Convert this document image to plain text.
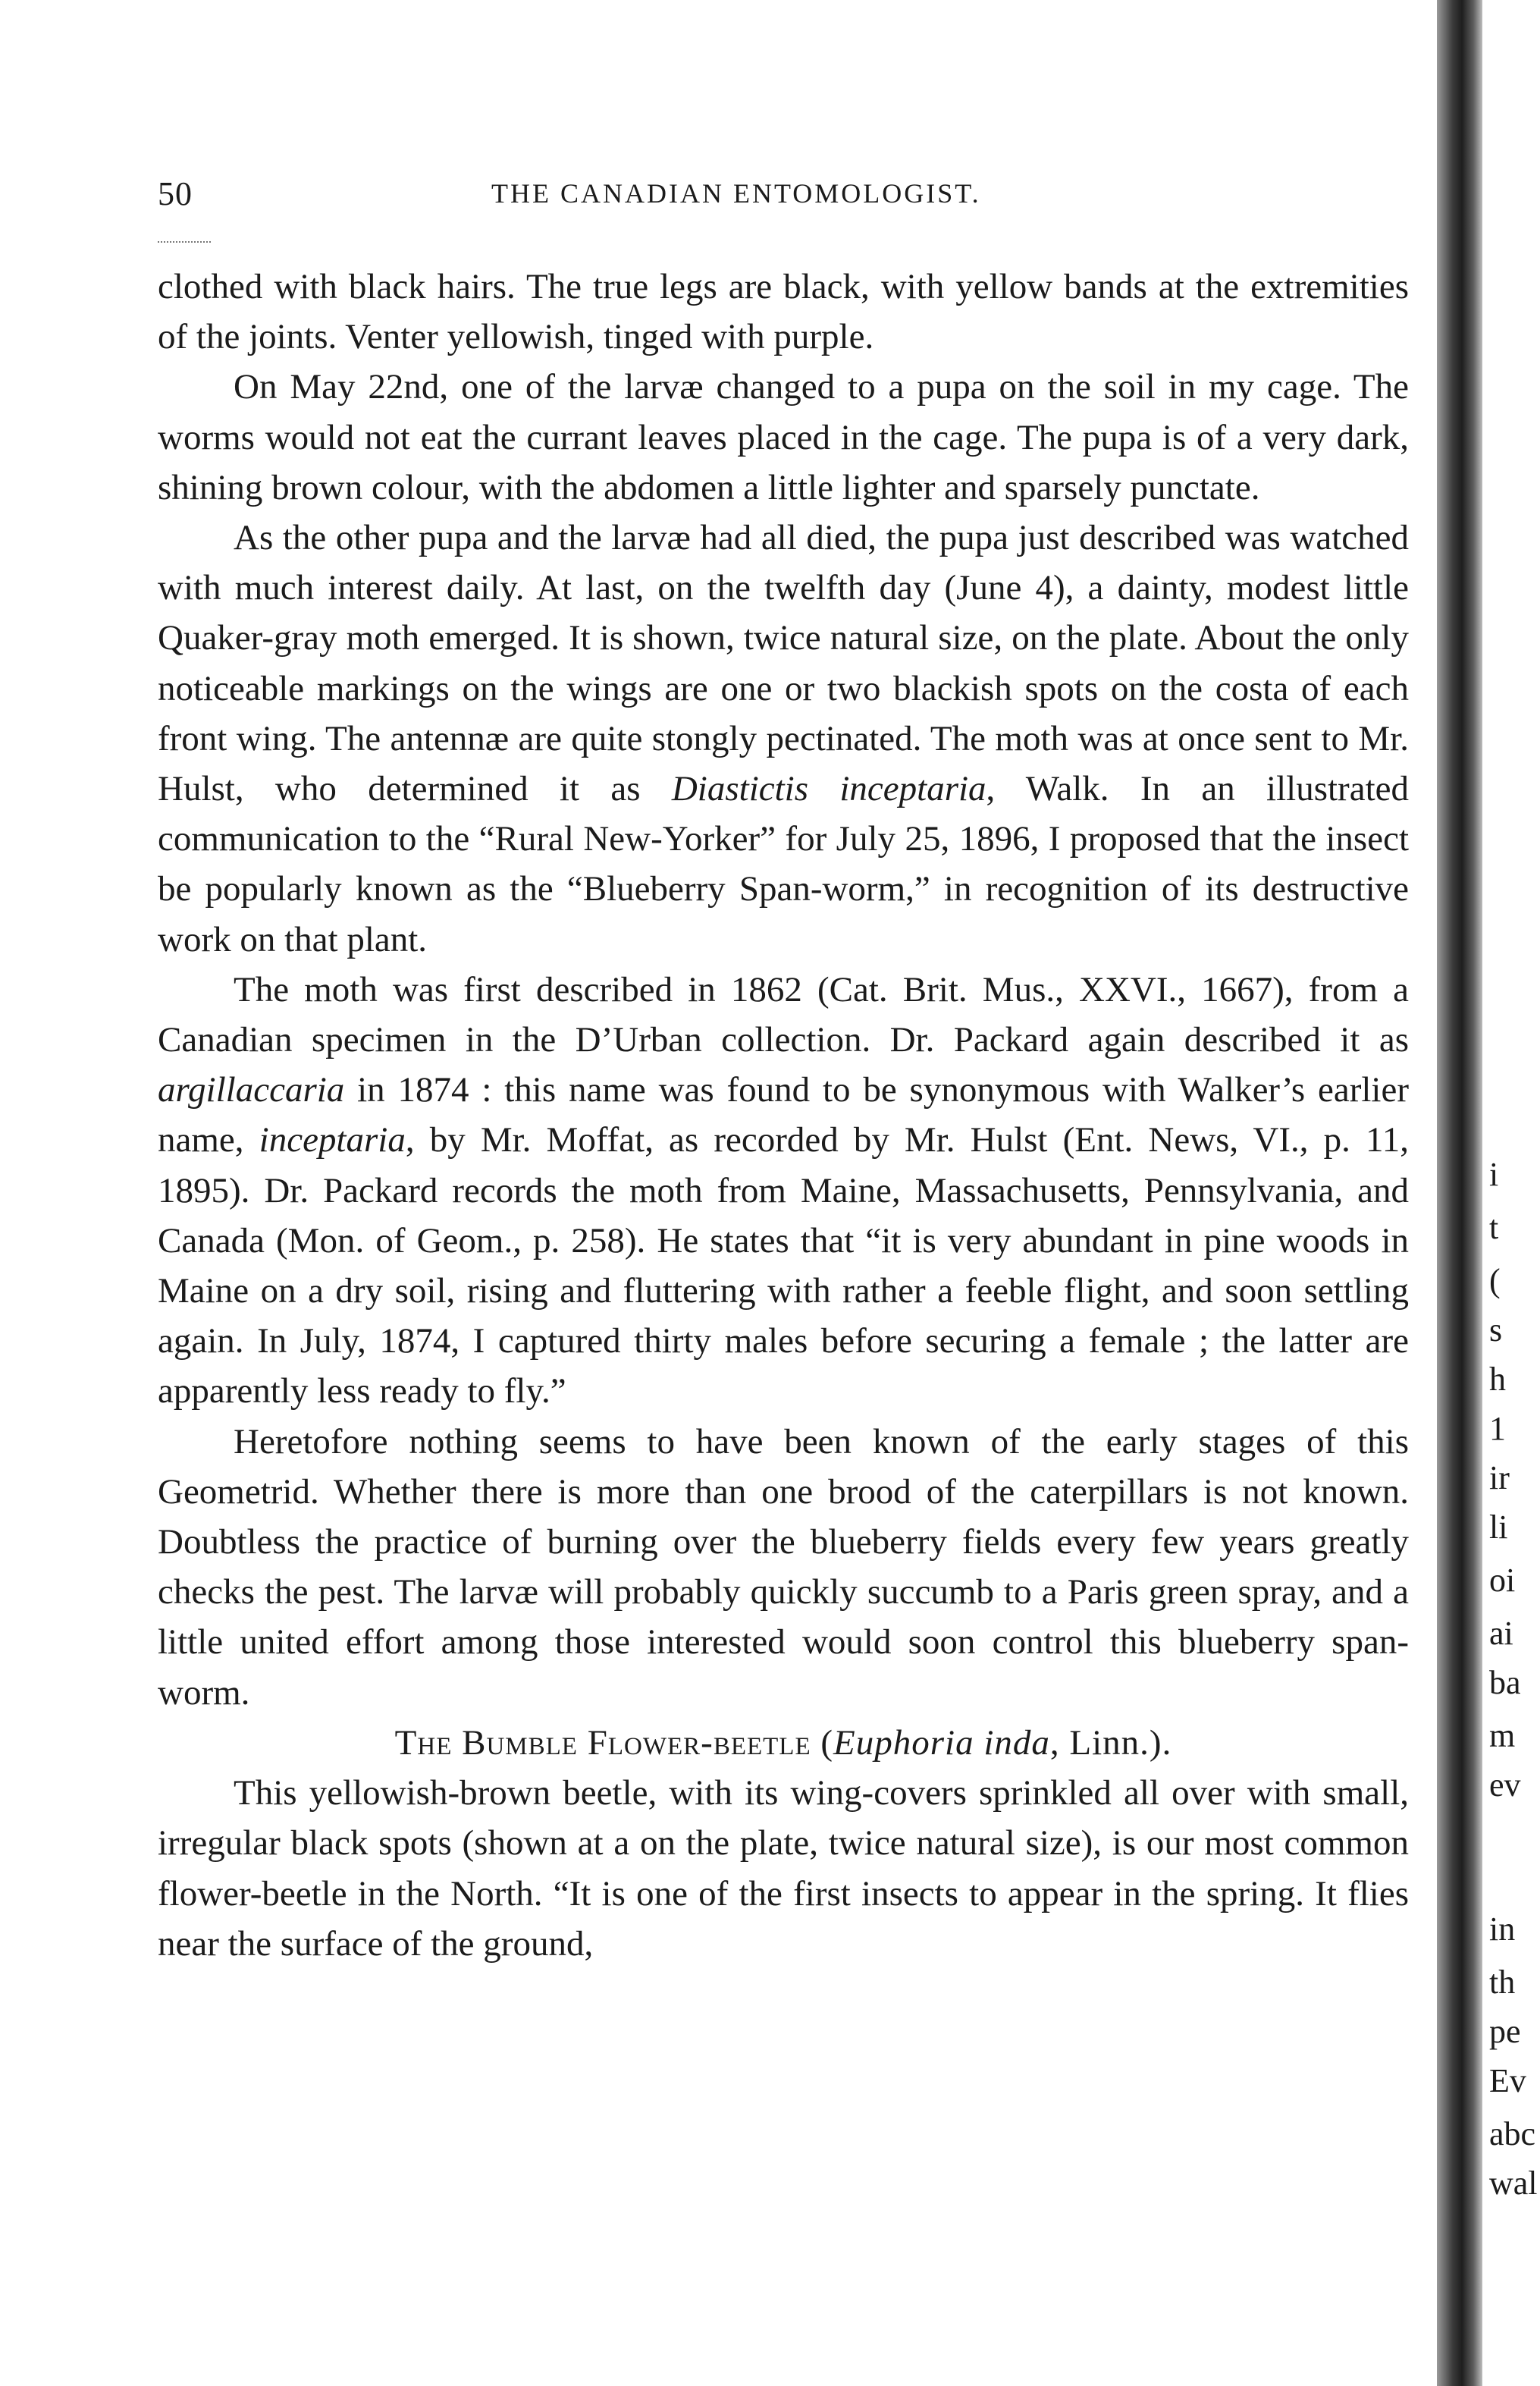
50	THE CANADIAN ENTOMOLOGIST.

clothed with black hairs. The true legs are black, with yellow bands at the extremities of the joints. Venter yellowish, tinged with purple.

On May 22nd, one of the larvæ changed to a pupa on the soil in my cage. The worms would not eat the currant leaves placed in the cage. The pupa is of a very dark, shining brown colour, with the abdomen a little lighter and sparsely punctate.

As the other pupa and the larvæ had all died, the pupa just described was watched with much interest daily. At last, on the twelfth day (June 4), a dainty, modest little Quaker-gray moth emerged. It is shown, twice natural size, on the plate. About the only noticeable markings on the wings are one or two blackish spots on the costa of each front wing. The antennæ are quite stongly pectinated. The moth was at once sent to Mr. Hulst, who determined it as Diastictis inceptaria, Walk. In an illustrated communication to the “Rural New-Yorker” for July 25, 1896, I proposed that the insect be popularly known as the “Blueberry Span-worm,” in recognition of its destructive work on that plant.

The moth was first described in 1862 (Cat. Brit. Mus., XXVI., 1667), from a Canadian specimen in the D’Urban collection. Dr. Packard again described it as argillaccaria in 1874 : this name was found to be synonymous with Walker’s earlier name, inceptaria, by Mr. Moffat, as recorded by Mr. Hulst (Ent. News, VI., p. 11, 1895). Dr. Packard records the moth from Maine, Massachusetts, Pennsylvania, and Canada (Mon. of Geom., p. 258). He states that “it is very abundant in pine woods in Maine on a dry soil, rising and fluttering with rather a feeble flight, and soon settling again. In July, 1874, I captured thirty males before securing a female ; the latter are apparently less ready to fly.”

Heretofore nothing seems to have been known of the early stages of this Geometrid. Whether there is more than one brood of the caterpillars is not known. Doubtless the practice of burning over the blueberry fields every few years greatly checks the pest. The larvæ will probably quickly succumb to a Paris green spray, and a little united effort among those interested would soon control this blueberry span-worm.

The Bumble Flower-beetle (Euphoria inda, Linn.).

This yellowish-brown beetle, with its wing-covers sprinkled all over with small, irregular black spots (shown at a on the plate, twice natural size), is our most common flower-beetle in the North. “It is one of the first insects to appear in the spring. It flies near the surface of the ground,

i
t
(
s
h
1
ir
li
oi
ai
ba
m
ev
in
th
pe
Ev
abc
wal
